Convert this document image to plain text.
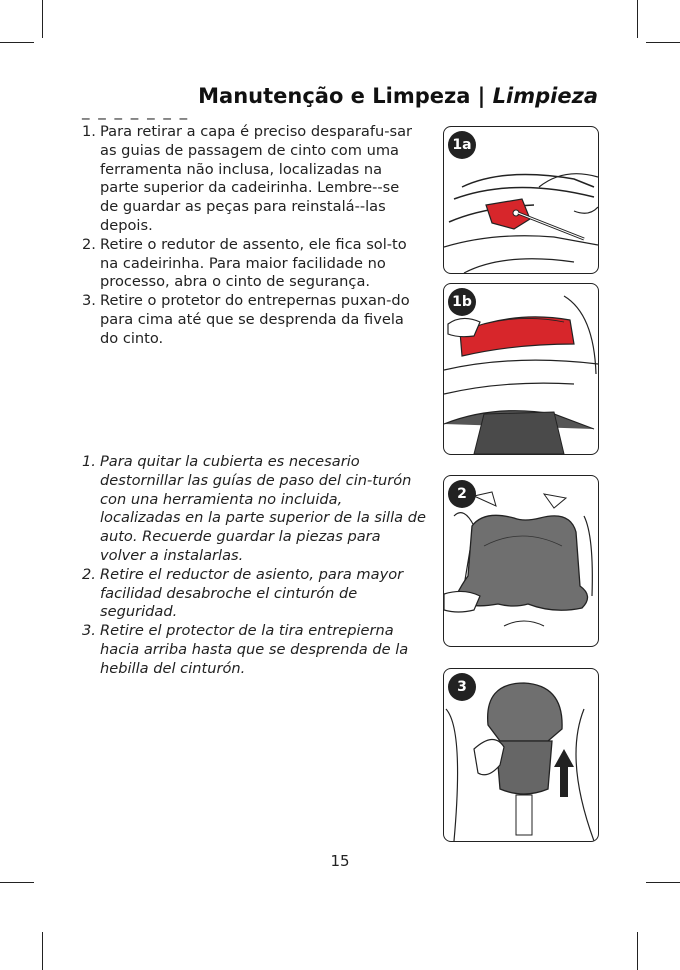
_ _ _ _ _ _ _
Manutenção e Limpeza | Limpieza
1. Para retirar a capa é preciso desparafu-sar as guias de passagem de cinto com uma ferramenta não inclusa, localizadas na parte superior da cadeirinha. Lembre--se de guardar as peças para reinstalá--las depois.
2. Retire o redutor de assento, ele fica sol-to na cadeirinha. Para maior facilidade no processo, abra o cinto de segurança.
3. Retire o protetor do entrepernas puxan-do para cima até que se desprenda da fivela do cinto.
1. Para quitar la cubierta es necesario destornillar las guías de paso del cin-turón con una herramienta no incluida, localizadas en la parte superior de la silla de auto. Recuerde guardar la piezas para volver a instalarlas.
2. Retire el reductor de asiento, para mayor facilidad desabroche el cinturón de seguridad.
3. Retire el protector de la tira entrepierna hacia arriba hasta que se desprenda de la hebilla del cinturón.
1a
1b
2
3
15
